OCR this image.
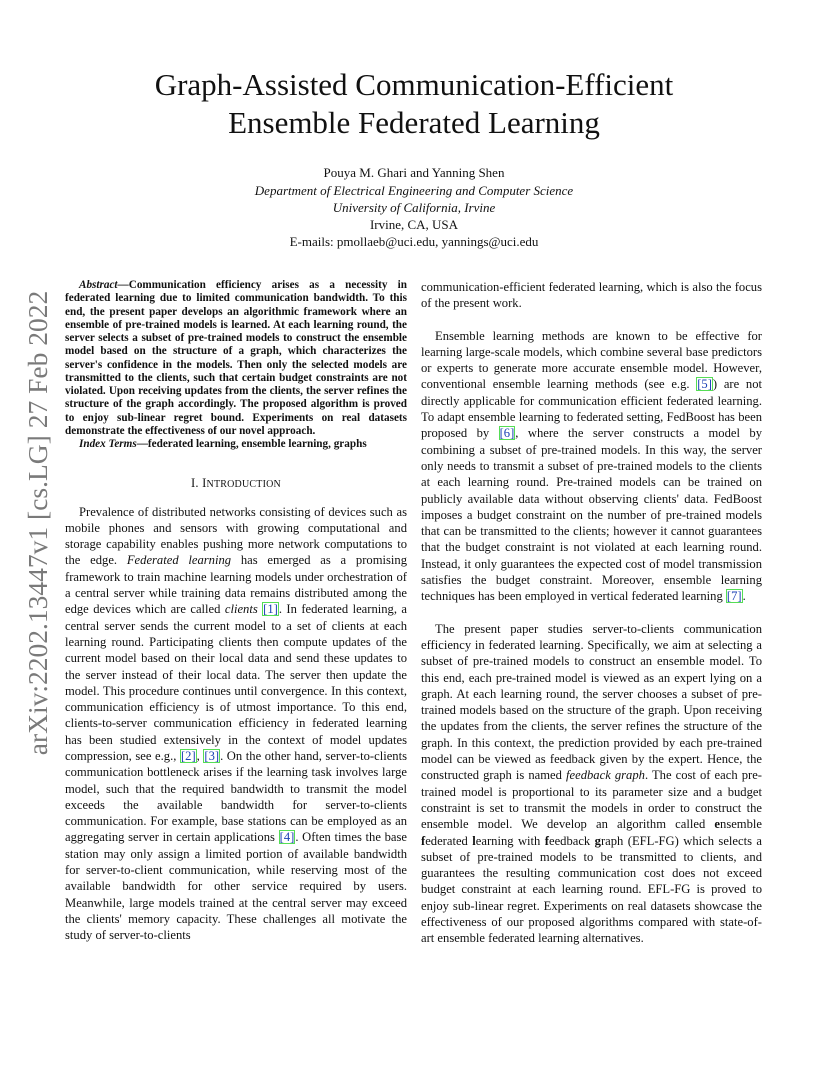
arXiv:2202.13447v1 [cs.LG] 27 Feb 2022
Graph-Assisted Communication-Efficient
Ensemble Federated Learning
Pouya M. Ghari and Yanning Shen
Department of Electrical Engineering and Computer Science
University of California, Irvine
Irvine, CA, USA
E-mails: pmollaeb@uci.edu, yannings@uci.edu

Abstract—Communication efficiency arises as a necessity in federated learning due to limited communication bandwidth. To this end, the present paper develops an algorithmic framework where an ensemble of pre-trained models is learned. At each learning round, the server selects a subset of pre-trained models to construct the ensemble model based on the structure of a graph, which characterizes the server's confidence in the models. Then only the selected models are transmitted to the clients, such that certain budget constraints are not violated. Upon receiving updates from the clients, the server refines the structure of the graph accordingly. The proposed algorithm is proved to enjoy sub-linear regret bound. Experiments on real datasets demonstrate the effectiveness of our novel approach.

Index Terms—federated learning, ensemble learning, graphs

I. INTRODUCTION

Prevalence of distributed networks consisting of devices such as mobile phones and sensors with growing computational and storage capability enables pushing more network computations to the edge. Federated learning has emerged as a promising framework to train machine learning models under orchestration of a central server while training data remains distributed among the edge devices which are called clients [1]. In federated learning, a central server sends the current model to a set of clients at each learning round. Participating clients then compute updates of the current model based on their local data and send these updates to the server instead of their local data. The server then update the model. This procedure continues until convergence. In this context, communication efficiency is of utmost importance. To this end, clients-to-server communication efficiency in federated learning has been studied extensively in the context of model updates compression, see e.g., [2], [3]. On the other hand, server-to-clients communication bottleneck arises if the learning task involves large model, such that the required bandwidth to transmit the model exceeds the available bandwidth for server-to-clients communication. For example, base stations can be employed as an aggregating server in certain applications [4]. Often times the base station may only assign a limited portion of available bandwidth for server-to-client communication, while reserving most of the available bandwidth for other service required by users. Meanwhile, large models trained at the central server may exceed the clients' memory capacity. These challenges all motivate the study of server-to-clients

communication-efficient federated learning, which is also the focus of the present work.

Ensemble learning methods are known to be effective for learning large-scale models, which combine several base predictors or experts to generate more accurate ensemble model. However, conventional ensemble learning methods (see e.g. [5]) are not directly applicable for communication efficient federated learning. To adapt ensemble learning to federated setting, FedBoost has been proposed by [6], where the server constructs a model by combining a subset of pre-trained models. In this way, the server only needs to transmit a subset of pre-trained models to the clients at each learning round. Pre-trained models can be trained on publicly available data without observing clients' data. FedBoost imposes a budget constraint on the number of pre-trained models that can be transmitted to the clients; however it cannot guarantees that the budget constraint is not violated at each learning round. Instead, it only guarantees the expected cost of model transmission satisfies the budget constraint. Moreover, ensemble learning techniques has been employed in vertical federated learning [7].

The present paper studies server-to-clients communication efficiency in federated learning. Specifically, we aim at selecting a subset of pre-trained models to construct an ensemble model. To this end, each pre-trained model is viewed as an expert lying on a graph. At each learning round, the server chooses a subset of pre-trained models based on the structure of the graph. Upon receiving the updates from the clients, the server refines the structure of the graph. In this context, the prediction provided by each pre-trained model can be viewed as feedback given by the expert. Hence, the constructed graph is named feedback graph. The cost of each pre-trained model is proportional to its parameter size and a budget constraint is set to transmit the models in order to construct the ensemble model. We develop an algorithm called ensemble federated learning with feedback graph (EFL-FG) which selects a subset of pre-trained models to be transmitted to clients, and guarantees the resulting communication cost does not exceed budget constraint at each learning round. EFL-FG is proved to enjoy sub-linear regret. Experiments on real datasets showcase the effectiveness of our proposed algorithms compared with state-of-art ensemble federated learning alternatives.
